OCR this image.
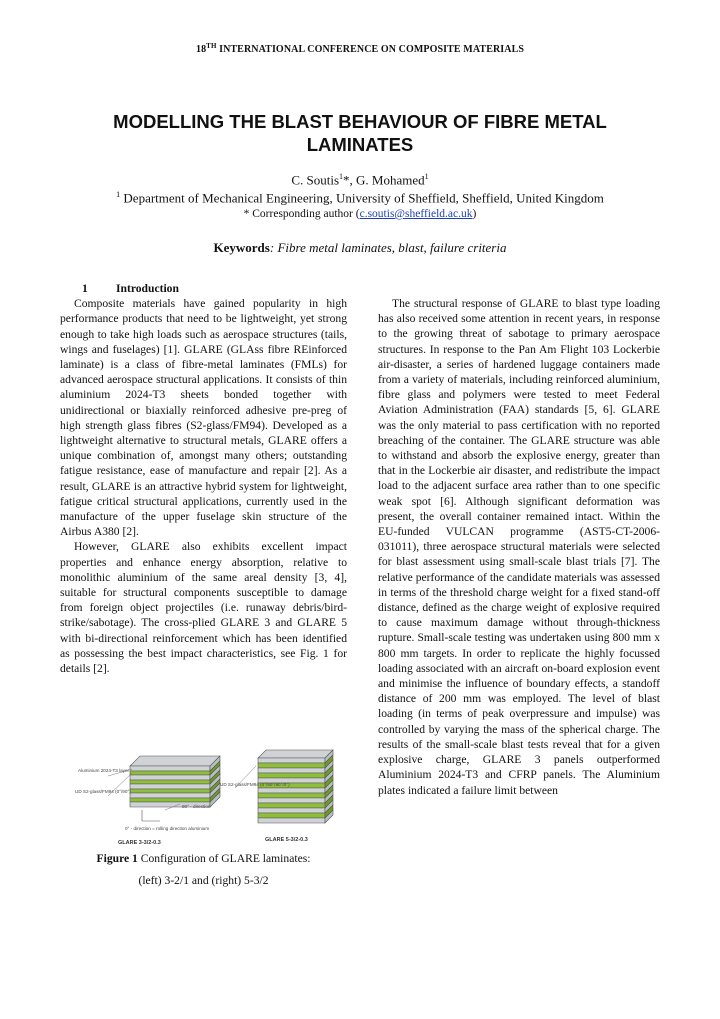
18TH INTERNATIONAL CONFERENCE ON COMPOSITE MATERIALS
MODELLING THE BLAST BEHAVIOUR OF FIBRE METAL LAMINATES
C. Soutis$^1$*, G. Mohamed$^1$
$^1$ Department of Mechanical Engineering, University of Sheffield, Sheffield, United Kingdom
* Corresponding author (c.soutis@sheffield.ac.uk)
Keywords: Fibre metal laminates, blast, failure criteria
1 Introduction

Composite materials have gained popularity in high performance products that need to be lightweight, yet strong enough to take high loads such as aerospace structures (tails, wings and fuselages) [1]. GLARE (GLAss fibre REinforced laminate) is a class of fibre-metal laminates (FMLs) for advanced aerospace structural applications. It consists of thin aluminium 2024-T3 sheets bonded together with unidirectional or biaxially reinforced adhesive pre-preg of high strength glass fibres (S2-glass/FM94). Developed as a lightweight alternative to structural metals, GLARE offers a unique combination of, amongst many others; outstanding fatigue resistance, ease of manufacture and repair [2]. As a result, GLARE is an attractive hybrid system for lightweight, fatigue critical structural applications, currently used in the manufacture of the upper fuselage skin structure of the Airbus A380 [2].

However, GLARE also exhibits excellent impact properties and enhance energy absorption, relative to monolithic aluminium of the same areal density [3, 4], suitable for structural components susceptible to damage from foreign object projectiles (i.e. runaway debris/bird-strike/sabotage). The cross-plied GLARE 3 and GLARE 5 with bi-directional reinforcement which has been identified as possessing the best impact characteristics, see Fig. 1 for details [2].

Aluminium 2024-T3 layer
UD S2-glass/FM94 (0°/90°)
UD S2-glass/FM94 (0°/90°/90°/0°)
90° - direction
0° - direction = rolling direction aluminium
GLARE 3-3/2-0.3	GLARE 5-3/2-0.3
Figure 1 Configuration of GLARE laminates:
(left) 3-2/1 and (right) 5-3/2

The structural response of GLARE to blast type loading has also received some attention in recent years, in response to the growing threat of sabotage to primary aerospace structures. In response to the Pan Am Flight 103 Lockerbie air-disaster, a series of hardened luggage containers made from a variety of materials, including reinforced aluminium, fibre glass and polymers were tested to meet Federal Aviation Administration (FAA) standards [5, 6]. GLARE was the only material to pass certification with no reported breaching of the container. The GLARE structure was able to withstand and absorb the explosive energy, greater than that in the Lockerbie air disaster, and redistribute the impact load to the adjacent surface area rather than to one specific weak spot [6]. Although significant deformation was present, the overall container remained intact. Within the EU-funded VULCAN programme (AST5-CT-2006-031011), three aerospace structural materials were selected for blast assessment using small-scale blast trials [7]. The relative performance of the candidate materials was assessed in terms of the threshold charge weight for a fixed stand-off distance, defined as the charge weight of explosive required to cause maximum damage without through-thickness rupture. Small-scale testing was undertaken using 800 mm x 800 mm targets. In order to replicate the highly focussed loading associated with an aircraft on-board explosion event and minimise the influence of boundary effects, a standoff distance of 200 mm was employed. The level of blast loading (in terms of peak overpressure and impulse) was controlled by varying the mass of the spherical charge. The results of the small-scale blast tests reveal that for a given explosive charge, GLARE 3 panels outperformed Aluminium 2024-T3 and CFRP panels. The Aluminium plates indicated a failure limit between
